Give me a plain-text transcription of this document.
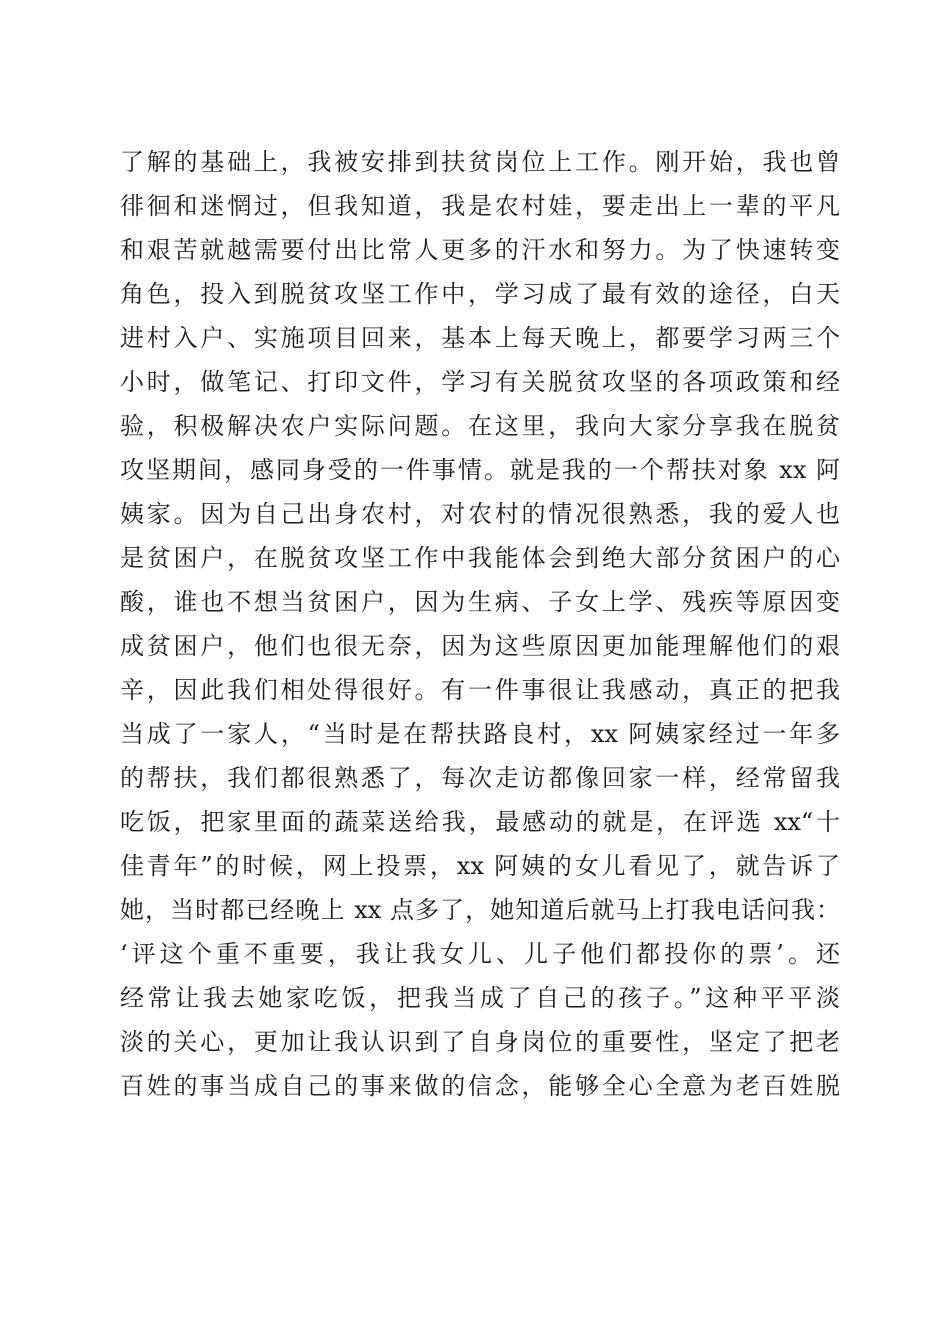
了解的基础上，我被安排到扶贫岗位上工作。刚开始，我也曾
徘徊和迷惘过，但我知道，我是农村娃，要走出上一辈的平凡
和艰苦就越需要付出比常人更多的汗水和努力。为了快速转变
角色，投入到脱贫攻坚工作中，学习成了最有效的途径，白天
进村入户、实施项目回来，基本上每天晚上，都要学习两三个
小时，做笔记、打印文件，学习有关脱贫攻坚的各项政策和经
验，积极解决农户实际问题。在这里，我向大家分享我在脱贫
攻坚期间，感同身受的一件事情。就是我的一个帮扶对象 xx 阿
姨家。因为自己出身农村，对农村的情况很熟悉，我的爱人也
是贫困户，在脱贫攻坚工作中我能体会到绝大部分贫困户的心
酸，谁也不想当贫困户，因为生病、子女上学、残疾等原因变
成贫困户，他们也很无奈，因为这些原因更加能理解他们的艰
辛，因此我们相处得很好。有一件事很让我感动，真正的把我
当成了一家人，“当时是在帮扶路良村，xx 阿姨家经过一年多
的帮扶，我们都很熟悉了，每次走访都像回家一样，经常留我
吃饭，把家里面的蔬菜送给我，最感动的就是，在评选 xx“十
佳青年”的时候，网上投票，xx 阿姨的女儿看见了，就告诉了
她，当时都已经晚上 xx 点多了，她知道后就马上打我电话问我：
‘评这个重不重要，我让我女儿、儿子他们都投你的票’。还
经常让我去她家吃饭，把我当成了自己的孩子。”这种平平淡
淡的关心，更加让我认识到了自身岗位的重要性，坚定了把老
百姓的事当成自己的事来做的信念，能够全心全意为老百姓脱
